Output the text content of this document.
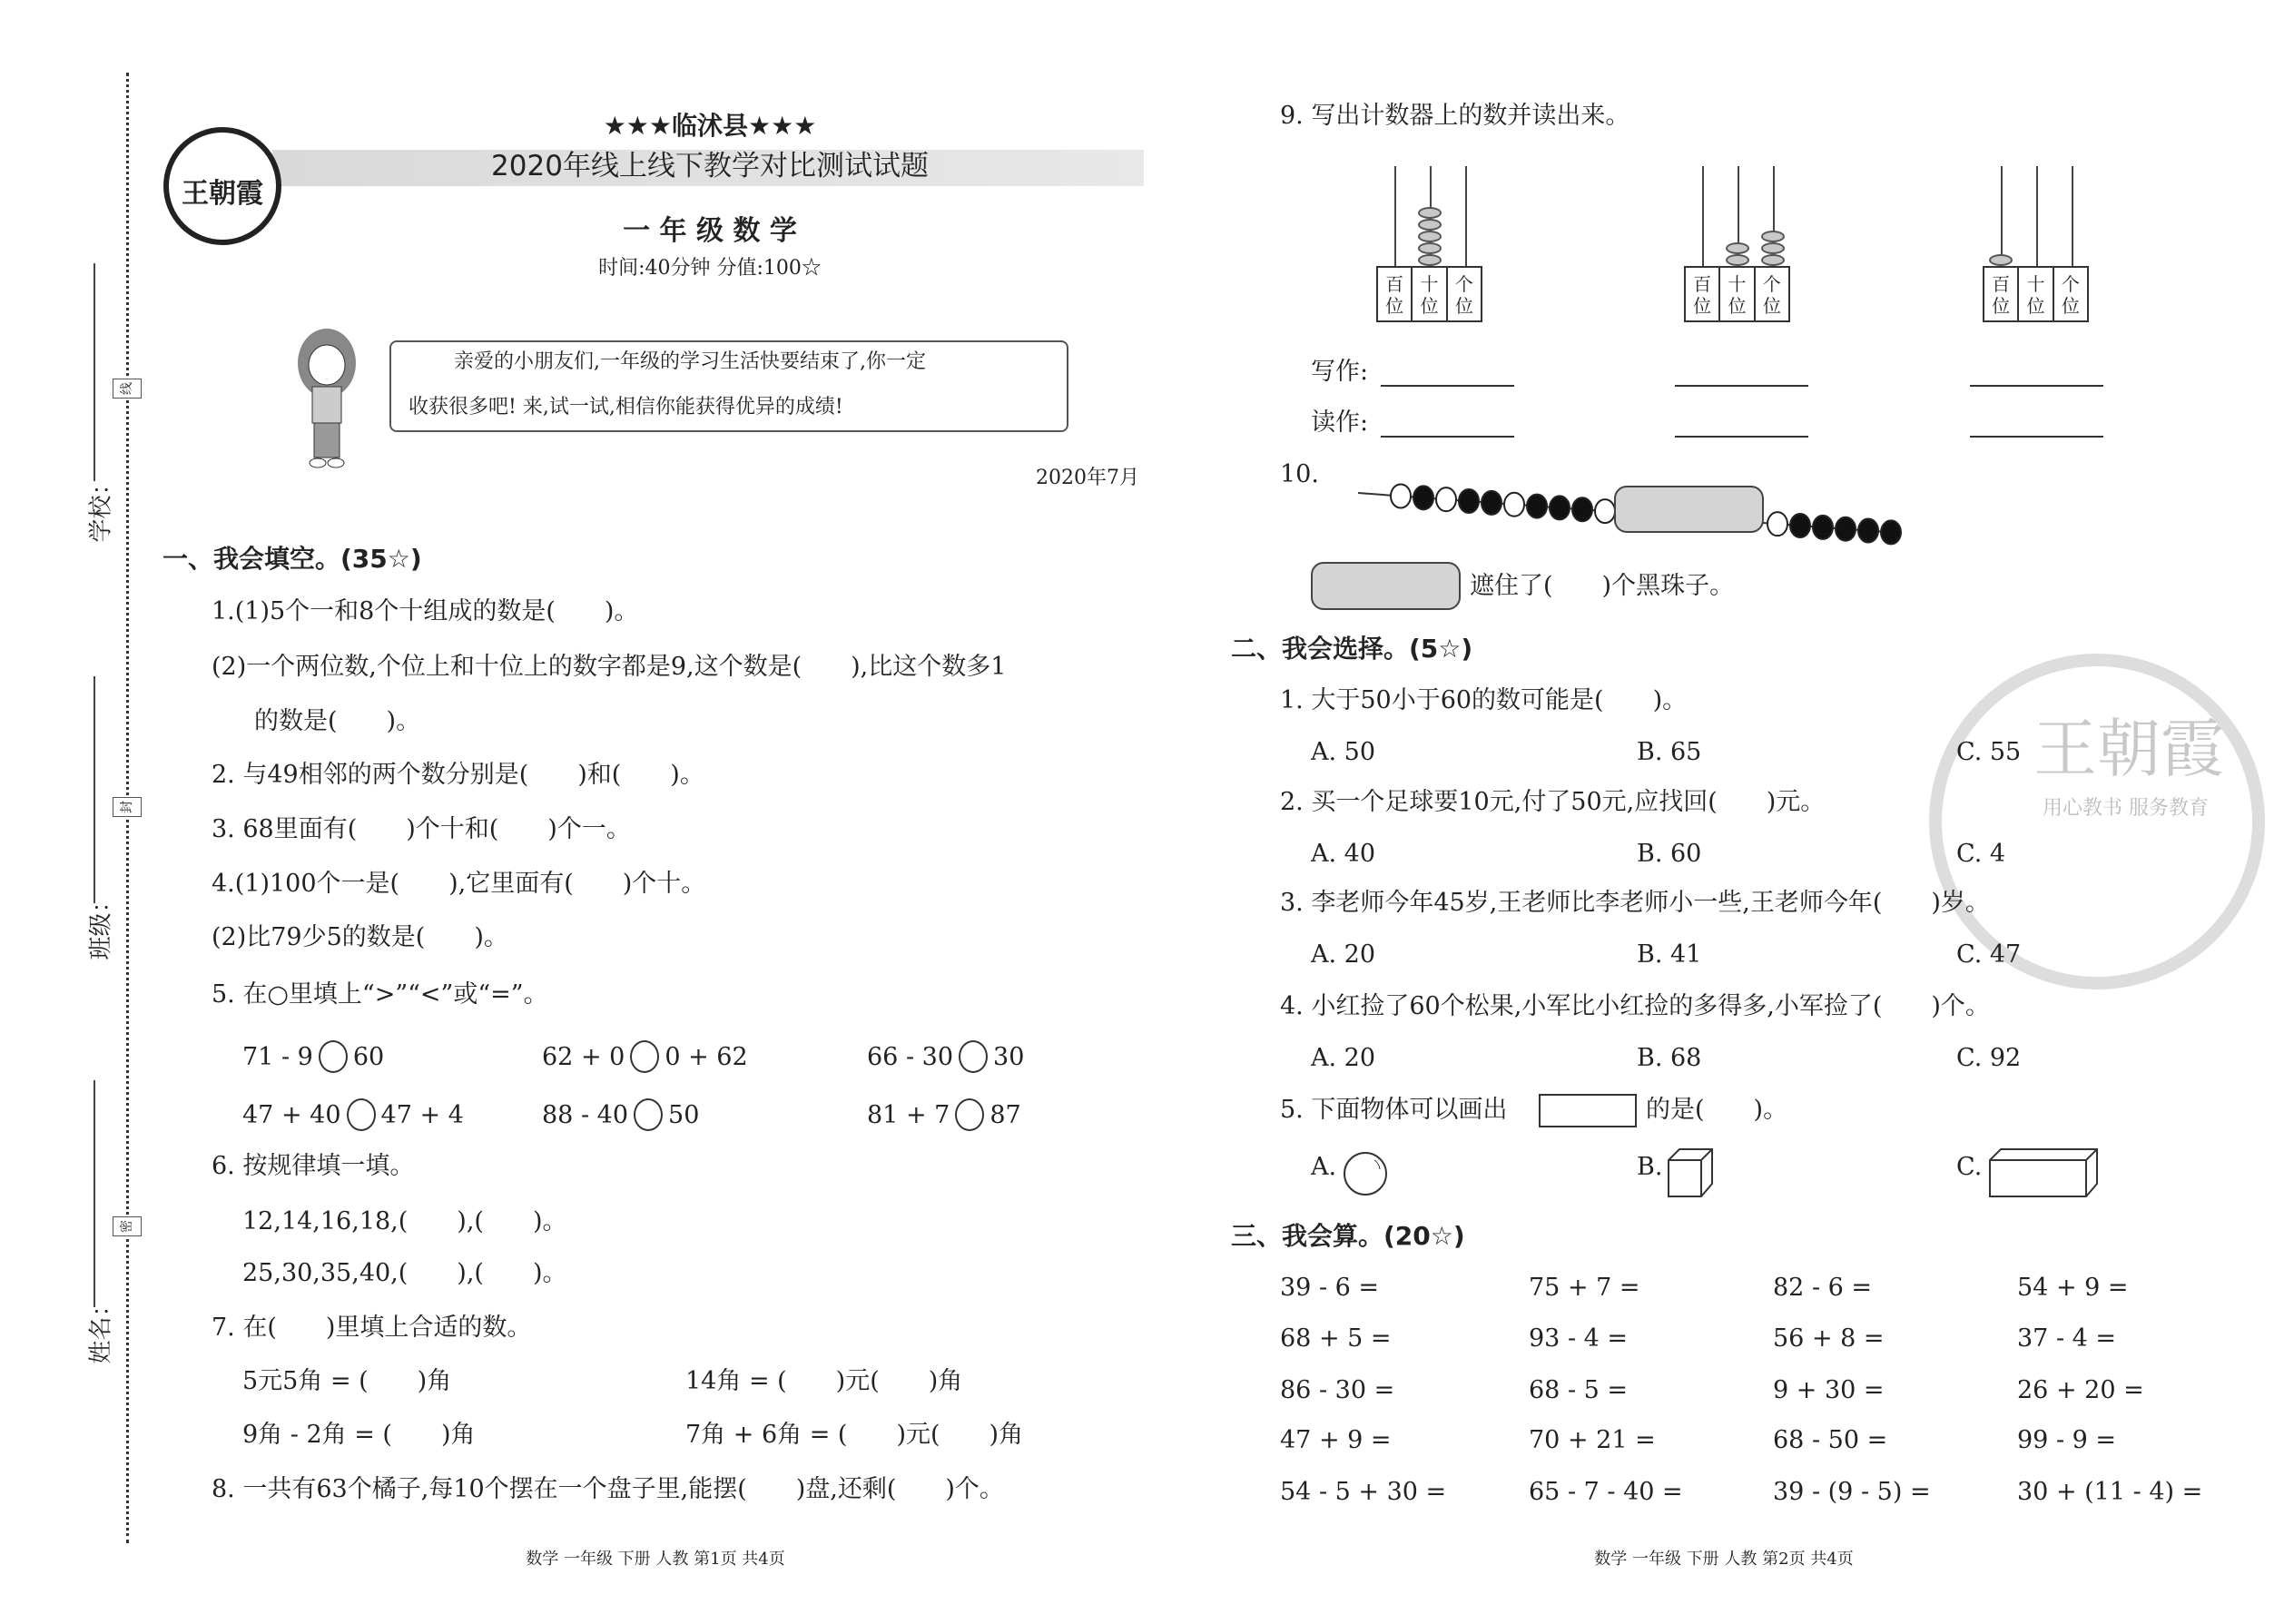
学校：
班级：
姓名：
线
封
密
王朝霞
★★★临沭县★★★
2020年线上线下教学对比测试试题
一 年 级 数 学
时间:40分钟 分值:100☆
亲爱的小朋友们,一年级的学习生活快要结束了,你一定
收获很多吧! 来,试一试,相信你能获得优异的成绩!
2020年7月
一、我会填空。(35☆)
1.(1)5个一和8个十组成的数是(　　)。
(2)一个两位数,个位上和十位上的数字都是9,这个数是(　　),比这个数多1
的数是(　　)。
2. 与49相邻的两个数分别是(　　)和(　　)。
3. 68里面有(　　)个十和(　　)个一。
4.(1)100个一是(　　),它里面有(　　)个十。
(2)比79少5的数是(　　)。
5. 在○里填上“>”“<”或“=”。
71 - 9 60	62 + 0 0 + 62	66 - 30 30
47 + 40 47 + 4	88 - 40 50	81 + 7 87
6. 按规律填一填。
12,14,16,18,(　　),(　　)。
25,30,35,40,(　　),(　　)。
7. 在(　　)里填上合适的数。
5元5角 = (　　)角	14角 = (　　)元(　　)角
9角 - 2角 = (　　)角	7角 + 6角 = (　　)元(　　)角
8. 一共有63个橘子,每10个摆在一个盘子里,能摆(　　)盘,还剩(　　)个。
数学 一年级 下册 人教 第1页 共4页
王朝霞
用心教书 服务教育
9. 写出计数器上的数并读出来。
百
位
十
位
个
位
百
位
十
位
个
位
百
位
十
位
个
位
写作:
读作:
10.
遮住了(　　)个黑珠子。
二、我会选择。(5☆)
1. 大于50小于60的数可能是(　　)。
A. 50	B. 65	C. 55
2. 买一个足球要10元,付了50元,应找回(　　)元。
A. 40	B. 60	C. 4
3. 李老师今年45岁,王老师比李老师小一些,王老师今年(　　)岁。
A. 20	B. 41	C. 47
4. 小红捡了60个松果,小军比小红捡的多得多,小军捡了(　　)个。
A. 20	B. 68	C. 92
5. 下面物体可以画出	的是(　　)。
A.	B.	C.
三、我会算。(20☆)
39 - 6 =	75 + 7 =	82 - 6 =	54 + 9 =
68 + 5 =	93 - 4 =	56 + 8 =	37 - 4 =
86 - 30 =	68 - 5 =	9 + 30 =	26 + 20 =
47 + 9 =	70 + 21 =	68 - 50 =	99 - 9 =
54 - 5 + 30 =	65 - 7 - 40 =	39 - (9 - 5) =	30 + (11 - 4) =
数学 一年级 下册 人教 第2页 共4页
